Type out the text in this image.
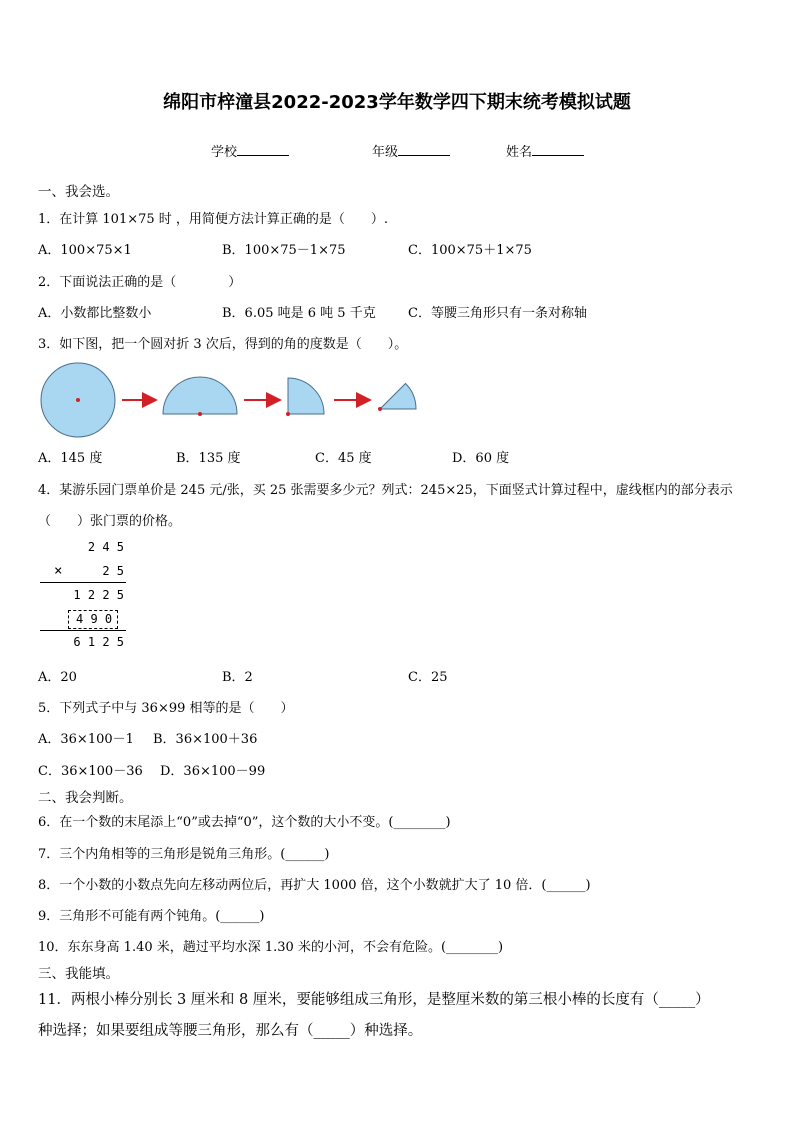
绵阳市梓潼县2022-2023学年数学四下期末统考模拟试题
学校	年级	姓名
一、我会选。
1．在计算 101×75 时 ，用简便方法计算正确的是（　　）.
A．100×75×1	B．100×75－1×75	C．100×75＋1×75
2．下面说法正确的是（　　　　）
A．小数都比整数小	B．6.05 吨是 6 吨 5 千克 C．等腰三角形只有一条对称轴
3．如下图，把一个圆对折 3 次后，得到的角的度数是（　　）。
A．145 度	B．135 度	C．45 度	D．60 度
4．某游乐园门票单价是 245 元/张，买 25 张需要多少元？列式：245×25，下面竖式计算过程中，虚线框内的部分表示
（　　）张门票的价格。
2 4 5
×	2 5
1 2 2 5
4 9 0
6 1 2 5
A．20	B．2	C．25
5．下列式子中与 36×99 相等的是（　　）
A．36×100－1 B．36×100＋36
C．36×100－36 D．36×100－99
二、我会判断。
6．在一个数的末尾添上“0”或去掉“0”，这个数的大小不变。(________)
7．三个内角相等的三角形是锐角三角形。(______)
8．一个小数的小数点先向左移动两位后，再扩大 1000 倍，这个小数就扩大了 10 倍．(______)
9．三角形不可能有两个钝角。(______)
10．东东身高 1.40 米，趟过平均水深 1.30 米的小河，不会有危险。(________)
三、我能填。
11．两根小棒分别长 3 厘米和 8 厘米，要能够组成三角形，是整厘米数的第三根小棒的长度有（_____）
种选择；如果要组成等腰三角形，那么有（_____）种选择。
